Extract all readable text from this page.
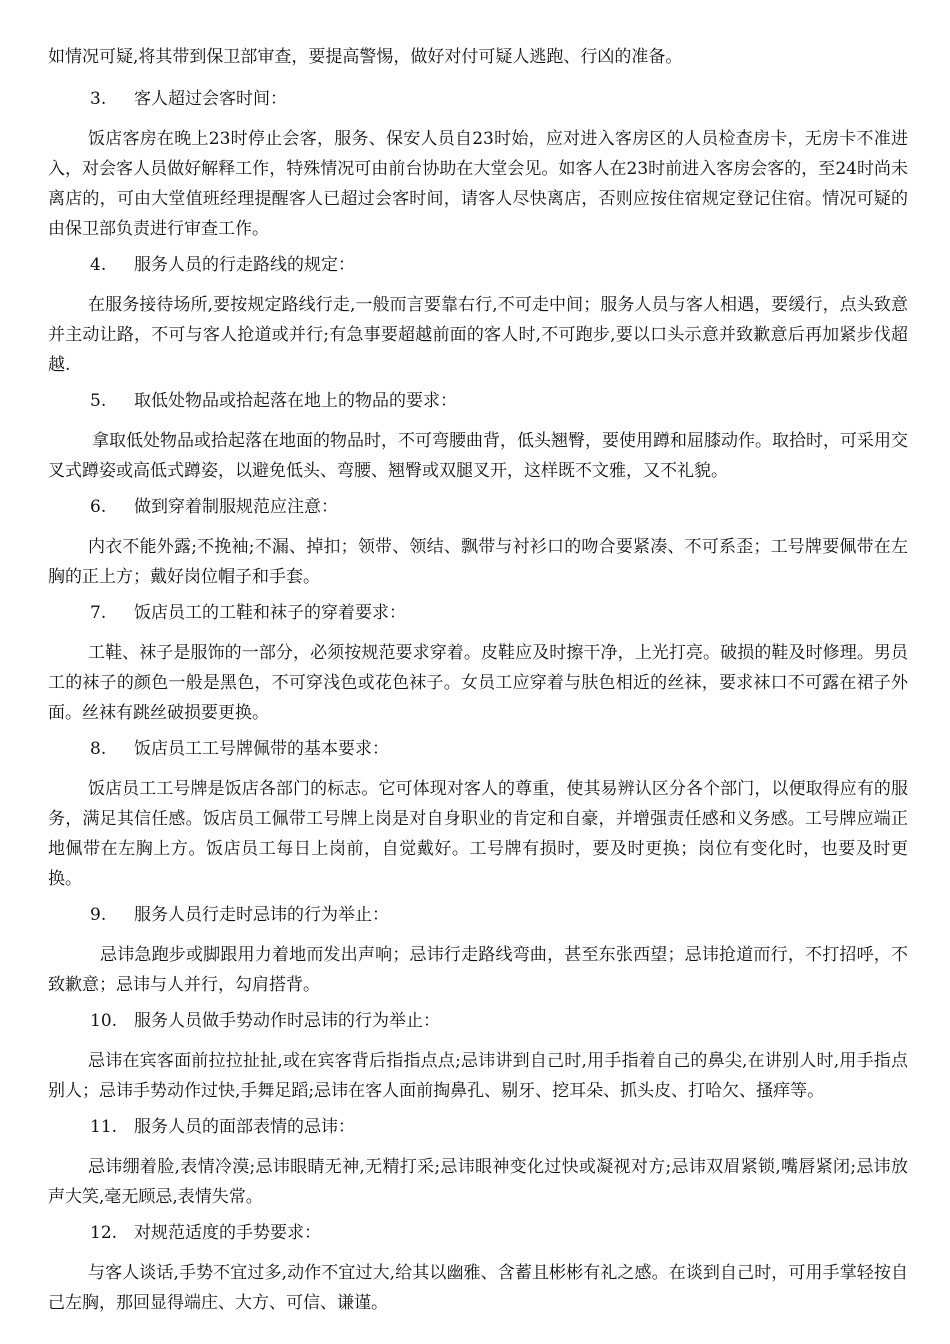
如情况可疑,将其带到保卫部审查，要提高警惕，做好对付可疑人逃跑、行凶的准备。

3. 客人超过会客时间：

饭店客房在晚上23时停止会客，服务、保安人员自23时始，应对进入客房区的人员检查房卡，无房卡不准进入，对会客人员做好解释工作，特殊情况可由前台协助在大堂会见。如客人在23时前进入客房会客的，至24时尚未离店的，可由大堂值班经理提醒客人已超过会客时间，请客人尽快离店，否则应按住宿规定登记住宿。情况可疑的由保卫部负责进行审查工作。

4. 服务人员的行走路线的规定：

在服务接待场所,要按规定路线行走,一般而言要靠右行,不可走中间；服务人员与客人相遇，要缓行，点头致意并主动让路，不可与客人抢道或并行;有急事要超越前面的客人时,不可跑步,要以口头示意并致歉意后再加紧步伐超越.

5. 取低处物品或拾起落在地上的物品的要求：

拿取低处物品或拾起落在地面的物品时，不可弯腰曲背，低头翘臀，要使用蹲和屈膝动作。取拾时，可采用交叉式蹲姿或高低式蹲姿，以避免低头、弯腰、翘臀或双腿叉开，这样既不文雅，又不礼貌。

6. 做到穿着制服规范应注意：

内衣不能外露;不挽袖;不漏、掉扣；领带、领结、飘带与衬衫口的吻合要紧凑、不可系歪；工号牌要佩带在左胸的正上方；戴好岗位帽子和手套。

7. 饭店员工的工鞋和袜子的穿着要求：

工鞋、袜子是服饰的一部分，必须按规范要求穿着。皮鞋应及时擦干净，上光打亮。破损的鞋及时修理。男员工的袜子的颜色一般是黑色，不可穿浅色或花色袜子。女员工应穿着与肤色相近的丝袜，要求袜口不可露在裙子外面。丝袜有跳丝破损要更换。

8. 饭店员工工号牌佩带的基本要求：

饭店员工工号牌是饭店各部门的标志。它可体现对客人的尊重，使其易辨认区分各个部门，以便取得应有的服务，满足其信任感。饭店员工佩带工号牌上岗是对自身职业的肯定和自豪，并增强责任感和义务感。工号牌应端正地佩带在左胸上方。饭店员工每日上岗前，自觉戴好。工号牌有损时，要及时更换；岗位有变化时，也要及时更换。

9. 服务人员行走时忌讳的行为举止：

忌讳急跑步或脚跟用力着地而发出声响；忌讳行走路线弯曲，甚至东张西望；忌讳抢道而行，不打招呼，不致歉意；忌讳与人并行，勾肩搭背。

10. 服务人员做手势动作时忌讳的行为举止：

忌讳在宾客面前拉拉扯扯,或在宾客背后指指点点;忌讳讲到自己时,用手指着自己的鼻尖,在讲别人时,用手指点别人；忌讳手势动作过快,手舞足蹈;忌讳在客人面前掏鼻孔、剔牙、挖耳朵、抓头皮、打哈欠、搔痒等。

11. 服务人员的面部表情的忌讳：

忌讳绷着脸,表情冷漠;忌讳眼睛无神,无精打采;忌讳眼神变化过快或凝视对方;忌讳双眉紧锁,嘴唇紧闭;忌讳放声大笑,毫无顾忌,表情失常。

12. 对规范适度的手势要求：

与客人谈话,手势不宜过多,动作不宜过大,给其以幽雅、含蓄且彬彬有礼之感。在谈到自己时，可用手掌轻按自己左胸，那回显得端庄、大方、可信、谦谨。
